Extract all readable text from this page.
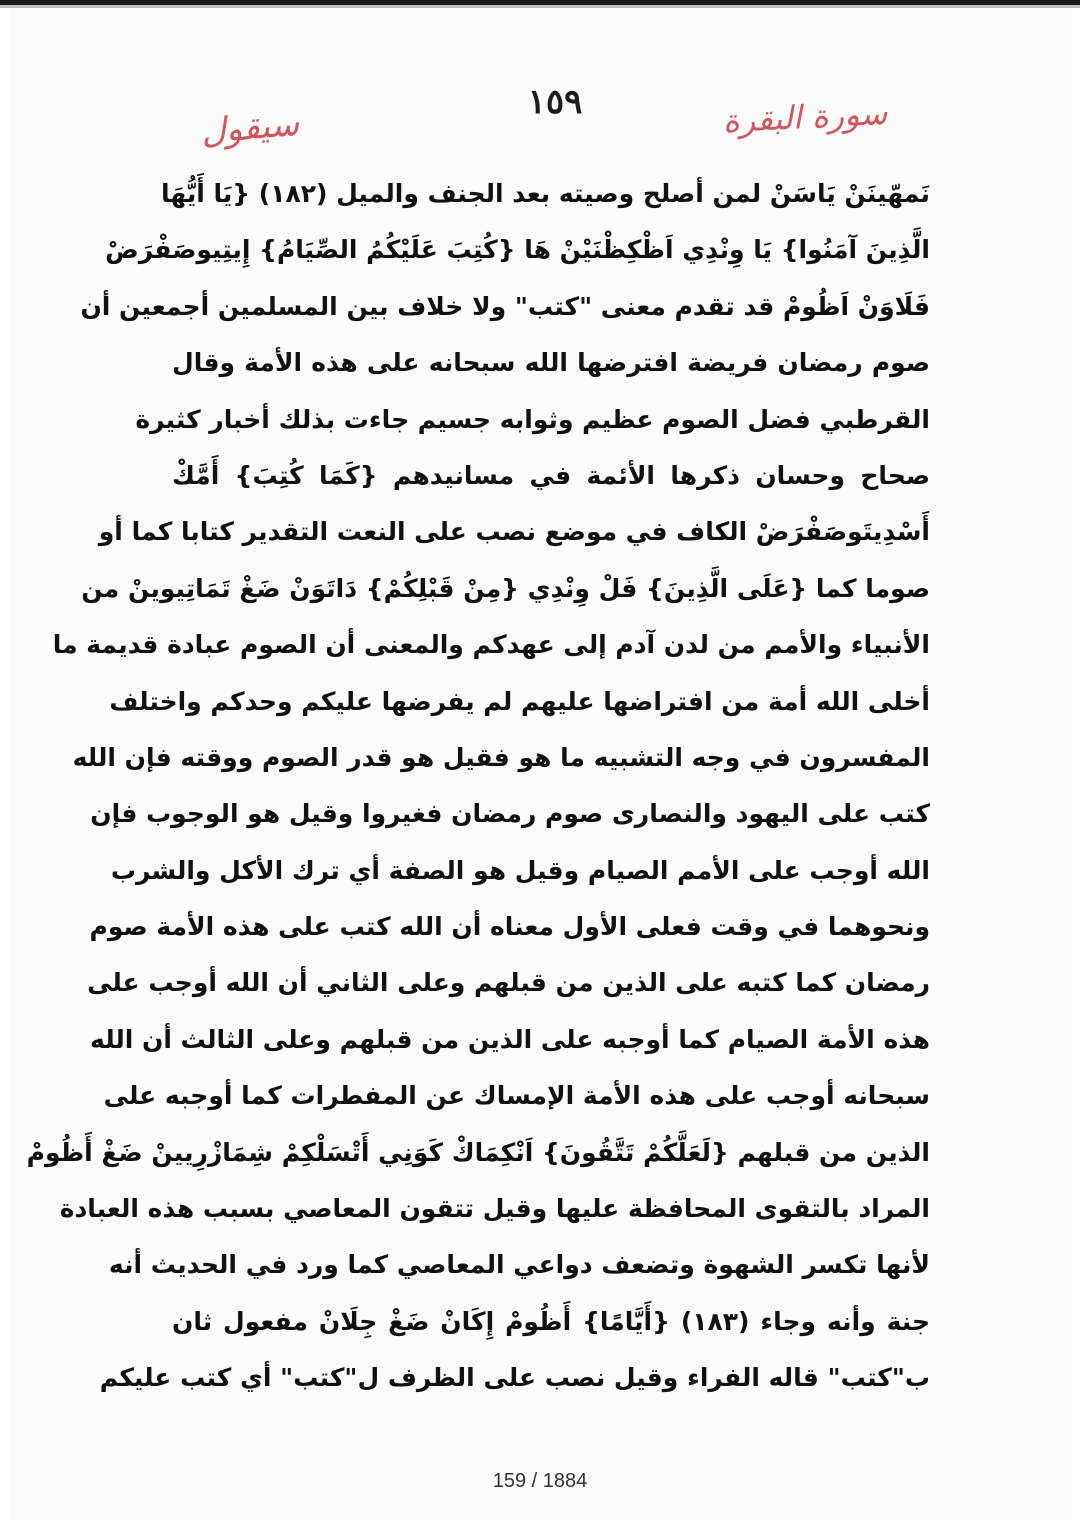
١٥٩	سورة البقرة
سيقول
نَمهّينَنْ يَاسَنْ لمن أصلح وصيته بعد الجنف والميل (١٨٢) {يَا أَيُّهَا
الَّذِينَ آمَنُوا} يَا وِنْدِي اَظْكِظْنَيْنْ هَا {كُتِبَ عَلَيْكُمُ الصِّيَامُ} إِيتِيوصَفْرَضْ
فَلَاوَنْ اَظُومْ قد تقدم معنى "كتب" ولا خلاف بين المسلمين أجمعين أن
صوم رمضان فريضة افترضها الله سبحانه على هذه الأمة وقال
القرطبي فضل الصوم عظيم وثوابه جسيم جاءت بذلك أخبار كثيرة
صحاح وحسان ذكرها الأئمة في مسانيدهم {كَمَا كُتِبَ} أَمَّكْ
أَسْدِيتَوصَفْرَضْ الكاف في موضع نصب على النعت التقدير كتابا كما أو
صوما كما {عَلَى الَّذِينَ} فَلْ وِنْدِي {مِنْ قَبْلِكُمْ} دَاتَوَنْ ضَغْ تَمَاتِيوينْ من
الأنبياء والأمم من لدن آدم إلى عهدكم والمعنى أن الصوم عبادة قديمة ما
أخلى الله أمة من افتراضها عليهم لم يفرضها عليكم وحدكم واختلف
المفسرون في وجه التشبيه ما هو فقيل هو قدر الصوم ووقته فإن الله
كتب على اليهود والنصارى صوم رمضان فغيروا وقيل هو الوجوب فإن
الله أوجب على الأمم الصيام وقيل هو الصفة أي ترك الأكل والشرب
ونحوهما في وقت فعلى الأول معناه أن الله كتب على هذه الأمة صوم
رمضان كما كتبه على الذين من قبلهم وعلى الثاني أن الله أوجب على
هذه الأمة الصيام كما أوجبه على الذين من قبلهم وعلى الثالث أن الله
سبحانه أوجب على هذه الأمة الإمساك عن المفطرات كما أوجبه على
الذين من قبلهم {لَعَلَّكُمْ تَتَّقُونَ} اَنْكِمَاكْ كَوَنِي أَتْسَلْكِمْ شِمَازْرِيينْ ضَغْ أَظُومْ
المراد بالتقوى المحافظة عليها وقيل تتقون المعاصي بسبب هذه العبادة
لأنها تكسر الشهوة وتضعف دواعي المعاصي كما ورد في الحديث أنه
جنة وأنه وجاء (١٨٣) {أَيَّامًا} أَظُومْ إِكَانْ ضَغْ جِلَانْ مفعول ثان
ب"كتب" قاله الفراء وقيل نصب على الظرف ل"كتب" أي كتب عليكم
159 / 1884
